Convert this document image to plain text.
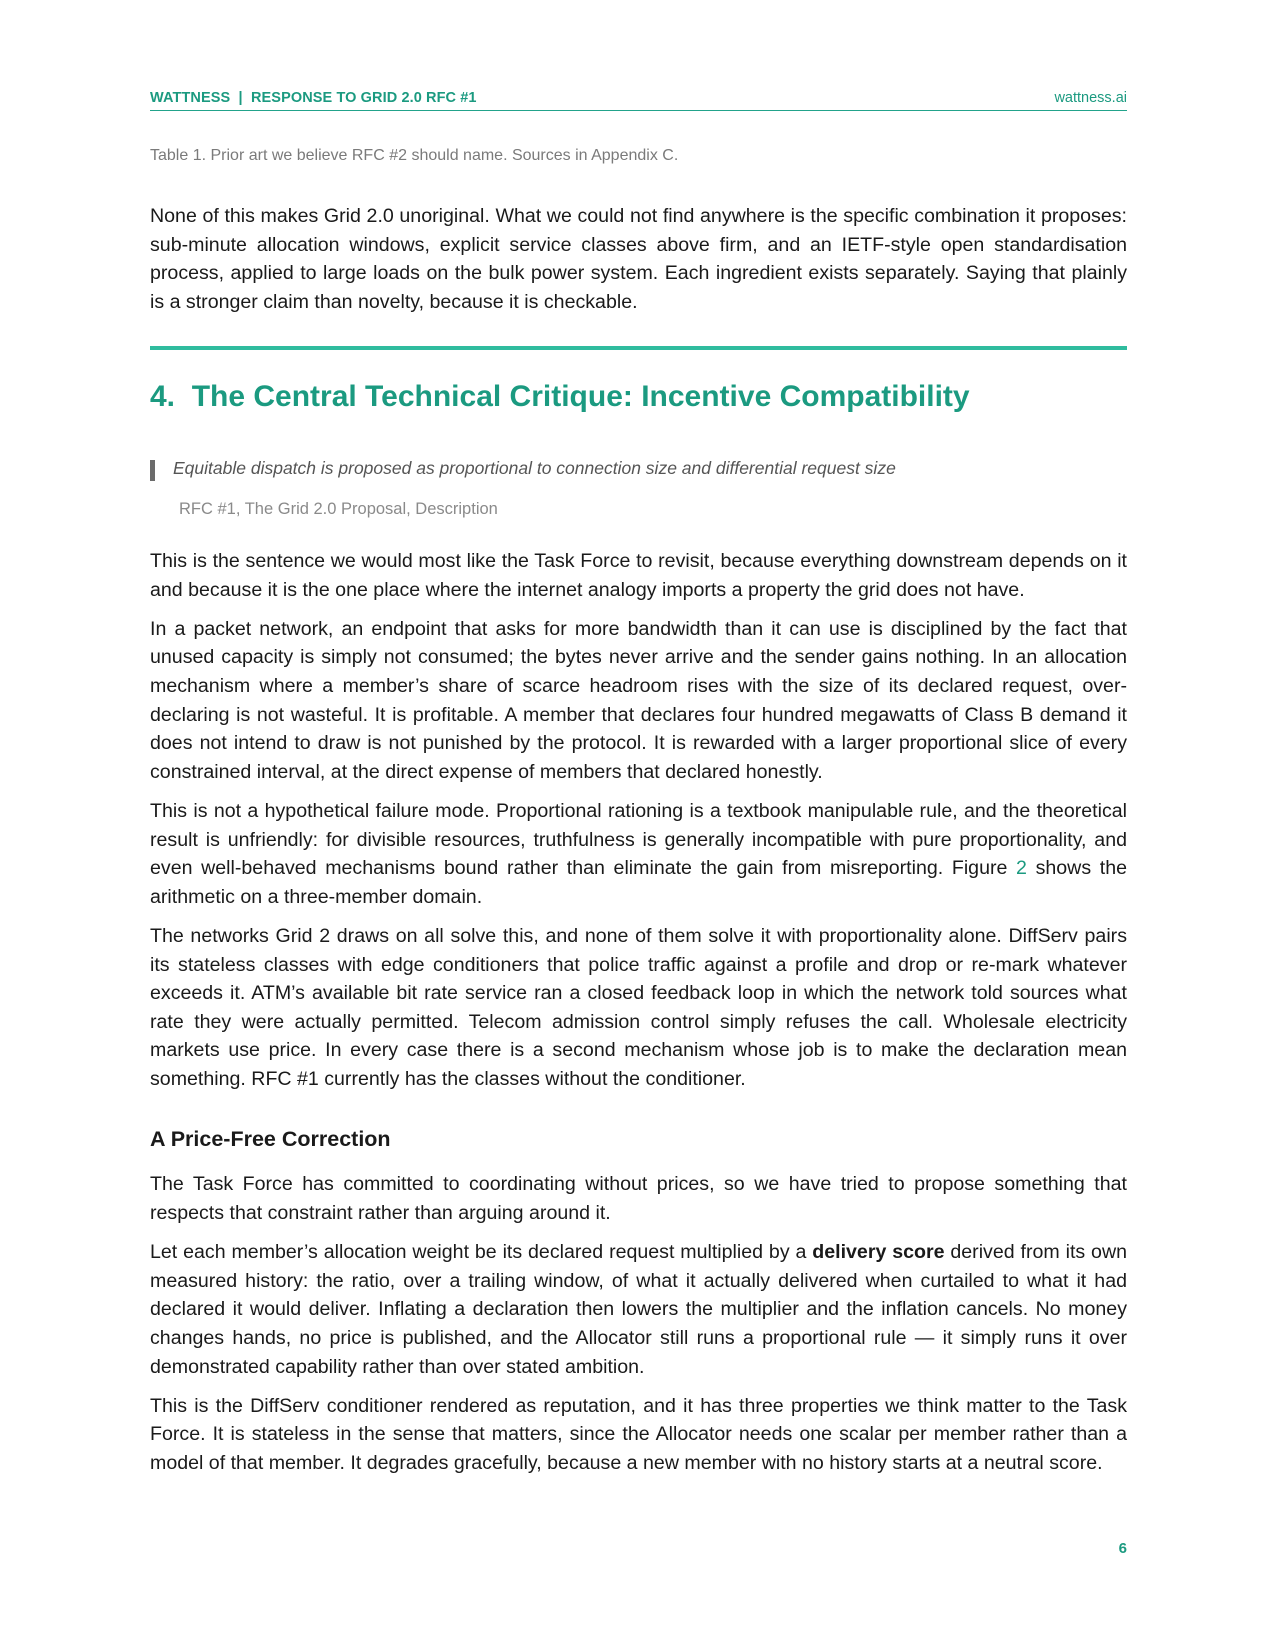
WATTNESS  |  RESPONSE TO GRID 2.0 RFC #1	wattness.ai
Table 1. Prior art we believe RFC #2 should name. Sources in Appendix C.

None of this makes Grid 2.0 unoriginal. What we could not find anywhere is the specific combination it proposes: sub-minute allocation windows, explicit service classes above firm, and an IETF-style open standardisation process, applied to large loads on the bulk power system. Each ingredient exists separately. Saying that plainly is a stronger claim than novelty, because it is checkable.

4.  The Central Technical Critique: Incentive Compatibility
Equitable dispatch is proposed as proportional to connection size and differential request size
RFC #1, The Grid 2.0 Proposal, Description

This is the sentence we would most like the Task Force to revisit, because everything downstream depends on it and because it is the one place where the internet analogy imports a property the grid does not have.

In a packet network, an endpoint that asks for more bandwidth than it can use is disciplined by the fact that unused capacity is simply not consumed; the bytes never arrive and the sender gains nothing. In an allocation mechanism where a member’s share of scarce headroom rises with the size of its declared request, over-declaring is not wasteful. It is profitable. A member that declares four hundred megawatts of Class B demand it does not intend to draw is not punished by the protocol. It is rewarded with a larger proportional slice of every constrained interval, at the direct expense of members that declared honestly.

This is not a hypothetical failure mode. Proportional rationing is a textbook manipulable rule, and the theoretical result is unfriendly: for divisible resources, truthfulness is generally incompatible with pure proportionality, and even well-behaved mechanisms bound rather than eliminate the gain from misreporting. Figure 2 shows the arithmetic on a three-member domain.

The networks Grid 2 draws on all solve this, and none of them solve it with proportionality alone. DiffServ pairs its stateless classes with edge conditioners that police traffic against a profile and drop or re-mark whatever exceeds it. ATM’s available bit rate service ran a closed feedback loop in which the network told sources what rate they were actually permitted. Telecom admission control simply refuses the call. Wholesale electricity markets use price. In every case there is a second mechanism whose job is to make the declaration mean something. RFC #1 currently has the classes without the conditioner.

A Price-Free Correction

The Task Force has committed to coordinating without prices, so we have tried to propose something that respects that constraint rather than arguing around it.

Let each member’s allocation weight be its declared request multiplied by a delivery score derived from its own measured history: the ratio, over a trailing window, of what it actually delivered when curtailed to what it had declared it would deliver. Inflating a declaration then lowers the multiplier and the inflation cancels. No money changes hands, no price is published, and the Allocator still runs a proportional rule — it simply runs it over demonstrated capability rather than over stated ambition.

This is the DiffServ conditioner rendered as reputation, and it has three properties we think matter to the Task Force. It is stateless in the sense that matters, since the Allocator needs one scalar per member rather than a model of that member. It degrades gracefully, because a new member with no history starts at a neutral score.

6
